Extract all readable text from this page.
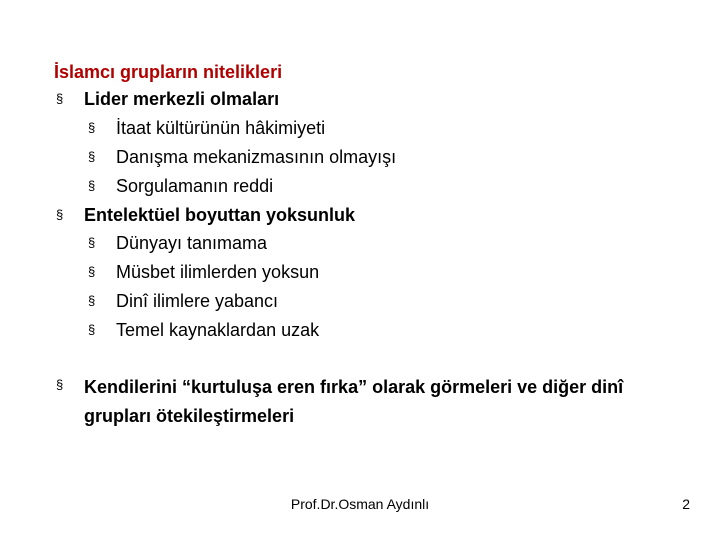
İslamcı grupların nitelikleri
§ Lider merkezli olmaları
§ İtaat kültürünün hâkimiyeti
§ Danışma mekanizmasının olmayışı
§ Sorgulamanın reddi
§ Entelektüel boyuttan yoksunluk
§ Dünyayı tanımama
§ Müsbet ilimlerden yoksun
§ Dinî ilimlere yabancı
§ Temel kaynaklardan uzak
§ Kendilerini “kurtuluşa eren fırka” olarak görmeleri ve diğer dinî grupları ötekileştirmeleri
Prof.Dr.Osman Aydınlı	2
